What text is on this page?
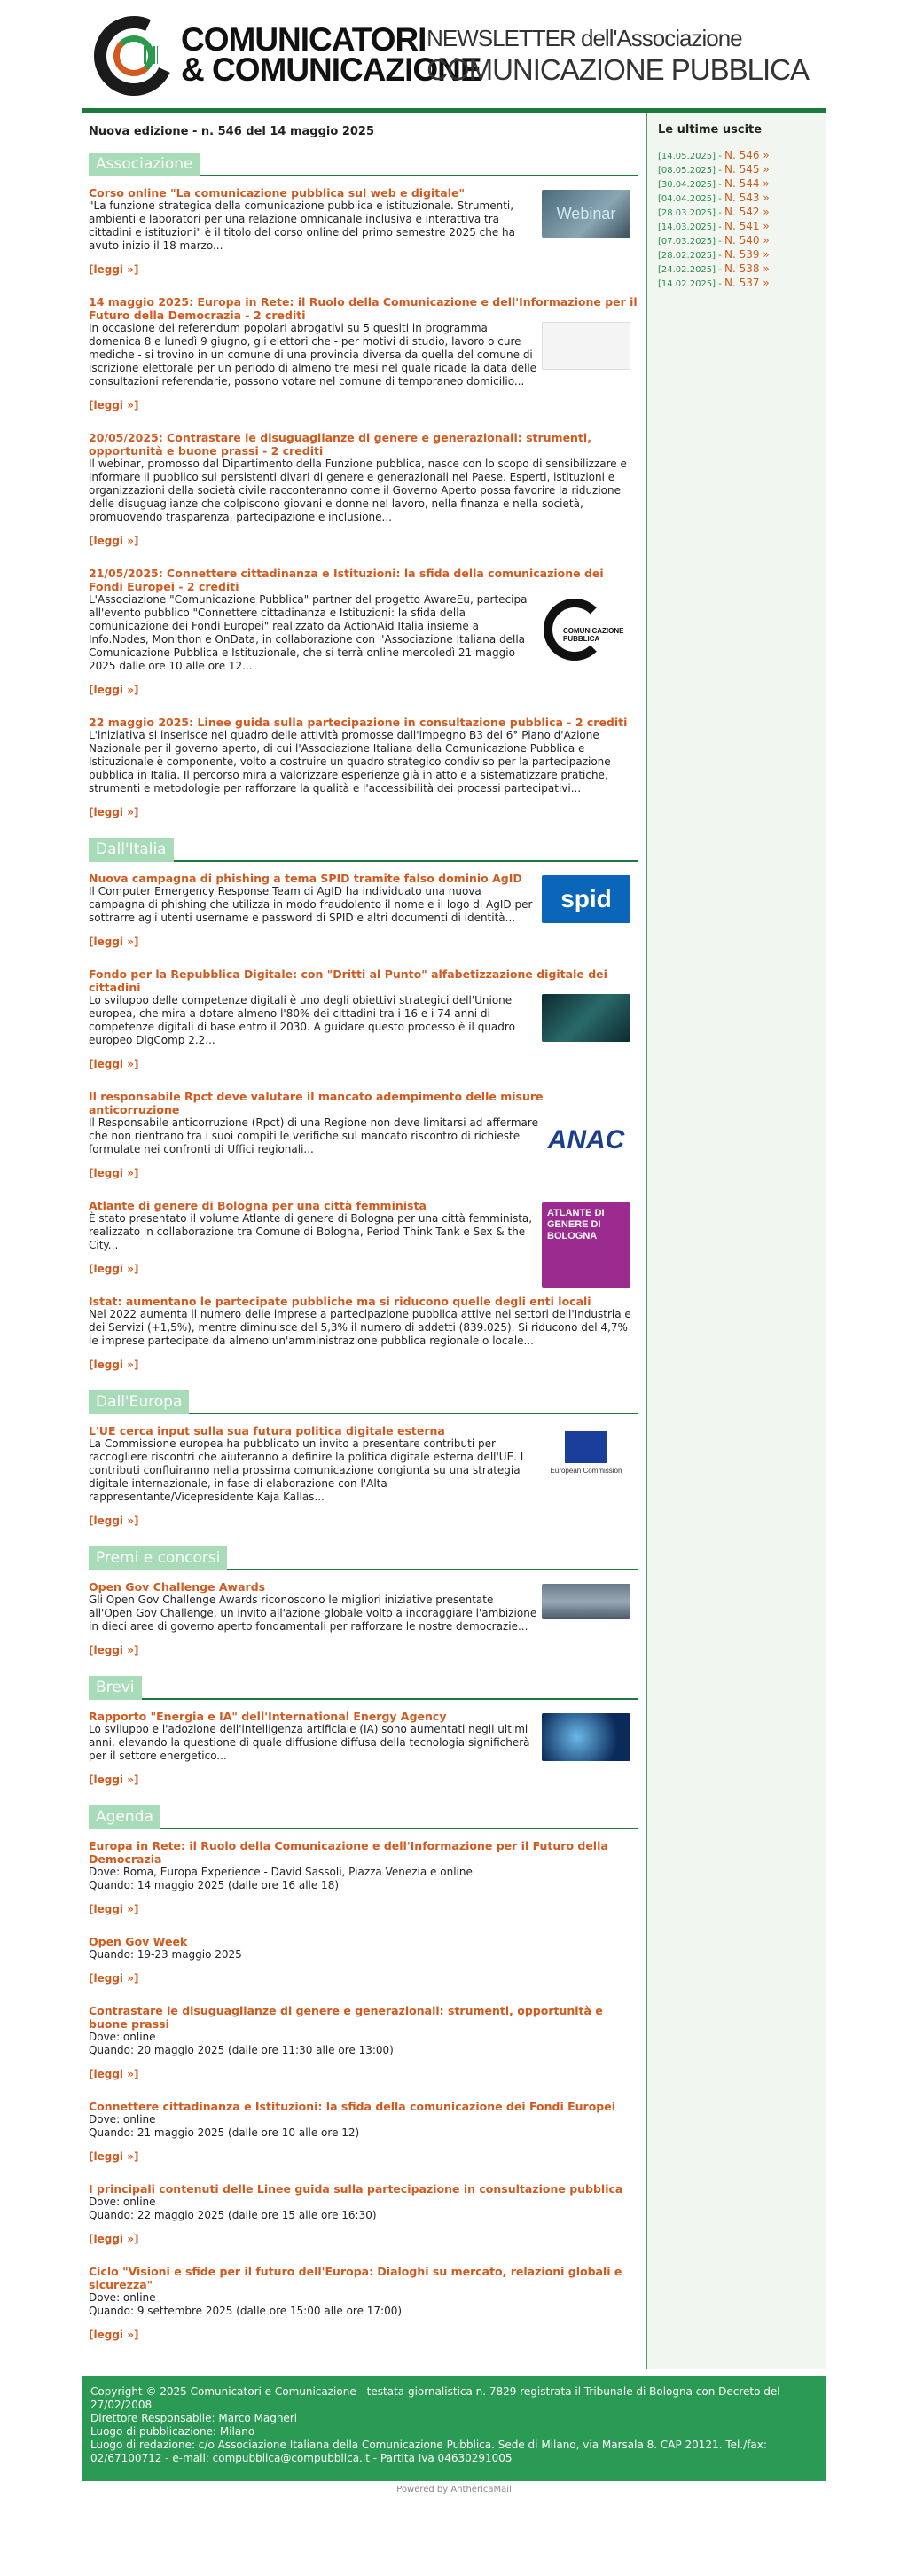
COMUNICATORI
& COMUNICAZIONE
NEWSLETTER dell'Associazione
COMUNICAZIONE PUBBLICA
Nuova edizione - n. 546 del 14 maggio 2025
Associazione
Corso online "La comunicazione pubblica sul web e digitale"
"La funzione strategica della comunicazione pubblica e istituzionale. Strumenti, ambienti e laboratori per una relazione omnicanale inclusiva e interattiva tra cittadini e istituzioni" è il titolo del corso online del primo semestre 2025 che ha avuto inizio il 18 marzo...
[leggi »]
Webinar
14 maggio 2025: Europa in Rete: il Ruolo della Comunicazione e dell'Informazione per il Futuro della Democrazia - 2 crediti
In occasione dei referendum popolari abrogativi su 5 quesiti in programma domenica 8 e lunedì 9 giugno, gli elettori che - per motivi di studio, lavoro o cure mediche - si trovino in un comune di una provincia diversa da quella del comune di iscrizione elettorale per un periodo di almeno tre mesi nel quale ricade la data delle consultazioni referendarie, possono votare nel comune di temporaneo domicilio...
[leggi »]
20/05/2025: Contrastare le disuguaglianze di genere e generazionali: strumenti, opportunità e buone prassi - 2 crediti
Il webinar, promosso dal Dipartimento della Funzione pubblica, nasce con lo scopo di sensibilizzare e informare il pubblico sui persistenti divari di genere e generazionali nel Paese. Esperti, istituzioni e organizzazioni della società civile racconteranno come il Governo Aperto possa favorire la riduzione delle disuguaglianze che colpiscono giovani e donne nel lavoro, nella finanza e nella società, promuovendo trasparenza, partecipazione e inclusione...
[leggi »]
21/05/2025: Connettere cittadinanza e Istituzioni: la sfida della comunicazione dei Fondi Europei - 2 crediti
L'Associazione "Comunicazione Pubblica" partner del progetto AwareEu, partecipa all'evento pubblico "Connettere cittadinanza e Istituzioni: la sfida della comunicazione dei Fondi Europei" realizzato da ActionAid Italia insieme a Info.Nodes, Monithon e OnData, in collaborazione con l'Associazione Italiana della Comunicazione Pubblica e Istituzionale, che si terrà online mercoledì 21 maggio 2025 dalle ore 10 alle ore 12...
[leggi »]
COMUNICAZIONE PUBBLICA
22 maggio 2025: Linee guida sulla partecipazione in consultazione pubblica - 2 crediti
L'iniziativa si inserisce nel quadro delle attività promosse dall'impegno B3 del 6° Piano d'Azione Nazionale per il governo aperto, di cui l'Associazione Italiana della Comunicazione Pubblica e Istituzionale è componente, volto a costruire un quadro strategico condiviso per la partecipazione pubblica in Italia. Il percorso mira a valorizzare esperienze già in atto e a sistematizzare pratiche, strumenti e metodologie per rafforzare la qualità e l'accessibilità dei processi partecipativi...
[leggi »]
Dall'Italia
Nuova campagna di phishing a tema SPID tramite falso dominio AgID
Il Computer Emergency Response Team di AgID ha individuato una nuova campagna di phishing che utilizza in modo fraudolento il nome e il logo di AgID per sottrarre agli utenti username e password di SPID e altri documenti di identità...
[leggi »]
spid
Fondo per la Repubblica Digitale: con "Dritti al Punto" alfabetizzazione digitale dei cittadini
Lo sviluppo delle competenze digitali è uno degli obiettivi strategici dell'Unione europea, che mira a dotare almeno l'80% dei cittadini tra i 16 e i 74 anni di competenze digitali di base entro il 2030. A guidare questo processo è il quadro europeo DigComp 2.2...
[leggi »]
Il responsabile Rpct deve valutare il mancato adempimento delle misure anticorruzione
Il Responsabile anticorruzione (Rpct) di una Regione non deve limitarsi ad affermare che non rientrano tra i suoi compiti le verifiche sul mancato riscontro di richieste formulate nei confronti di Uffici regionali...
[leggi »]
ANAC
Atlante di genere di Bologna per una città femminista
È stato presentato il volume Atlante di genere di Bologna per una città femminista, realizzato in collaborazione tra Comune di Bologna, Period Think Tank e Sex & the City...
[leggi »]
ATLANTE DI GENERE DI BOLOGNA
Istat: aumentano le partecipate pubbliche ma si riducono quelle degli enti locali
Nel 2022 aumenta il numero delle imprese a partecipazione pubblica attive nei settori dell'Industria e dei Servizi (+1,5%), mentre diminuisce del 5,3% il numero di addetti (839.025). Si riducono del 4,7% le imprese partecipate da almeno un'amministrazione pubblica regionale o locale...
[leggi »]
Dall'Europa
L'UE cerca input sulla sua futura politica digitale esterna
La Commissione europea ha pubblicato un invito a presentare contributi per raccogliere riscontri che aiuteranno a definire la politica digitale esterna dell'UE. I contributi confluiranno nella prossima comunicazione congiunta su una strategia digitale internazionale, in fase di elaborazione con l'Alta rappresentante/Vicepresidente Kaja Kallas...
[leggi »]
European Commission
Premi e concorsi
Open Gov Challenge Awards
Gli Open Gov Challenge Awards riconoscono le migliori iniziative presentate all'Open Gov Challenge, un invito all'azione globale volto a incoraggiare l'ambizione in dieci aree di governo aperto fondamentali per rafforzare le nostre democrazie...
[leggi »]
Brevi
Rapporto "Energia e IA" dell'International Energy Agency
Lo sviluppo e l'adozione dell'intelligenza artificiale (IA) sono aumentati negli ultimi anni, elevando la questione di quale diffusione diffusa della tecnologia significherà per il settore energetico...
[leggi »]
Agenda
Europa in Rete: il Ruolo della Comunicazione e dell'Informazione per il Futuro della Democrazia
Dove: Roma, Europa Experience - David Sassoli, Piazza Venezia e online
Quando: 14 maggio 2025 (dalle ore 16 alle 18)
[leggi »]
Open Gov Week
Quando: 19-23 maggio 2025
[leggi »]
Contrastare le disuguaglianze di genere e generazionali: strumenti, opportunità e buone prassi
Dove: online
Quando: 20 maggio 2025 (dalle ore 11:30 alle ore 13:00)
[leggi »]
Connettere cittadinanza e Istituzioni: la sfida della comunicazione dei Fondi Europei
Dove: online
Quando: 21 maggio 2025 (dalle ore 10 alle ore 12)
[leggi »]
I principali contenuti delle Linee guida sulla partecipazione in consultazione pubblica
Dove: online
Quando: 22 maggio 2025 (dalle ore 15 alle ore 16:30)
[leggi »]
Ciclo "Visioni e sfide per il futuro dell'Europa: Dialoghi su mercato, relazioni globali e sicurezza"
Dove: online
Quando: 9 settembre 2025 (dalle ore 15:00 alle ore 17:00)
[leggi »]
Le ultime uscite
[14.05.2025] - N. 546 »
[08.05.2025] - N. 545 »
[30.04.2025] - N. 544 »
[04.04.2025] - N. 543 »
[28.03.2025] - N. 542 »
[14.03.2025] - N. 541 »
[07.03.2025] - N. 540 »
[28.02.2025] - N. 539 »
[24.02.2025] - N. 538 »
[14.02.2025] - N. 537 »
Copyright © 2025 Comunicatori e Comunicazione - testata giornalistica n. 7829 registrata il Tribunale di Bologna con Decreto del 27/02/2008
Direttore Responsabile: Marco Magheri
Luogo di pubblicazione: Milano
Luogo di redazione: c/o Associazione Italiana della Comunicazione Pubblica. Sede di Milano, via Marsala 8. CAP 20121. Tel./fax: 02/67100712 - e-mail: compubblica@compubblica.it - Partita Iva 04630291005
Powered by AnthericaMail
